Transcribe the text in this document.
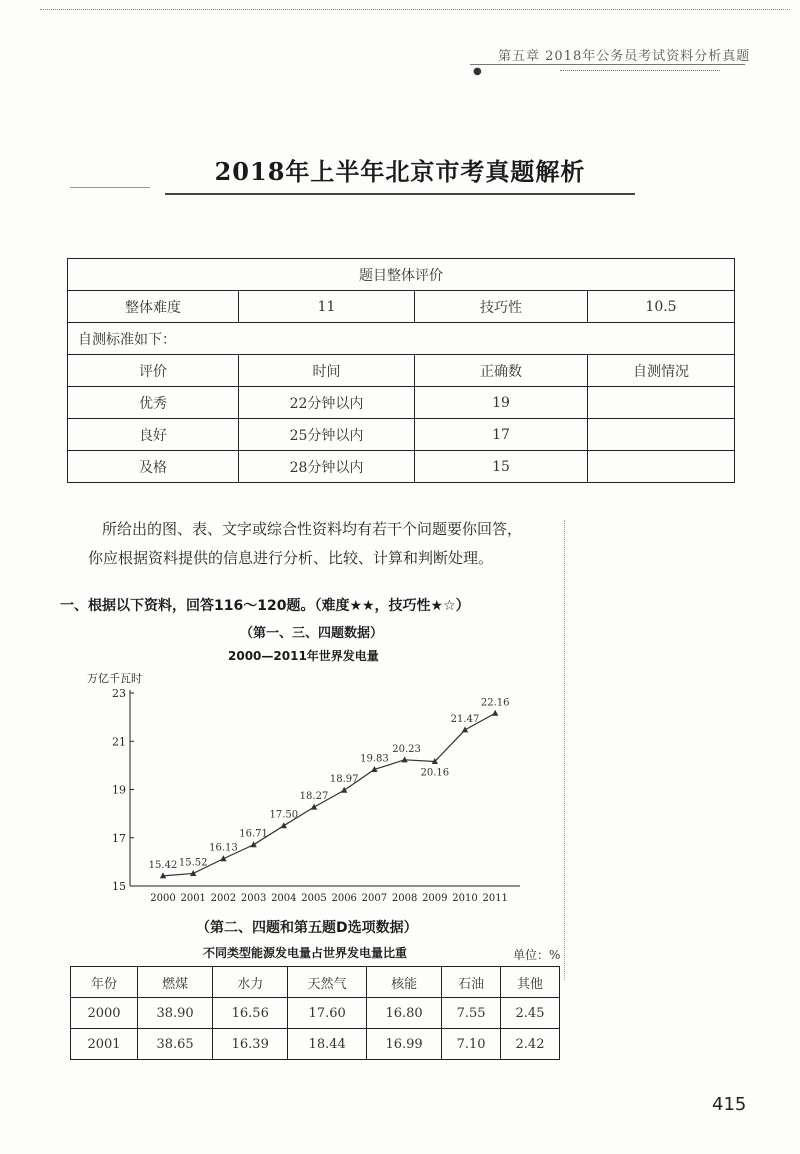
第五章 2018年公务员考试资料分析真题
●
2018年上半年北京市考真题解析
题目整体评价			
整体难度	11	技巧性	10.5
自测标准如下：			
评价	时间	正确数	自测情况
优秀	22分钟以内	19	
良好	25分钟以内	17	
及格	28分钟以内	15	

所给出的图、表、文字或综合性资料均有若干个问题要你回答，

你应根据资料提供的信息进行分析、比较、计算和判断处理。

一、根据以下资料，回答116～120题。（难度★★，技巧性★☆）
（第一、三、四题数据）
2000—2011年世界发电量
万亿千瓦时
15
17
19
21
23
2000 2001 2002 2003 2004 2005 2006 2007 2008 2009 2010 2011
15.42 15.52
16.13
16.71
17.50
18.27
18.97
19.83
20.23
20.16
21.47
22.16
（第二、四题和第五题D选项数据）
不同类型能源发电量占世界发电量比重	单位：%
年份	燃煤	水力	天然气	核能	石油	其他
2000	38.90	16.56	17.60	16.80	7.55	2.45
2001	38.65	16.39	18.44	16.99	7.10	2.42
415
